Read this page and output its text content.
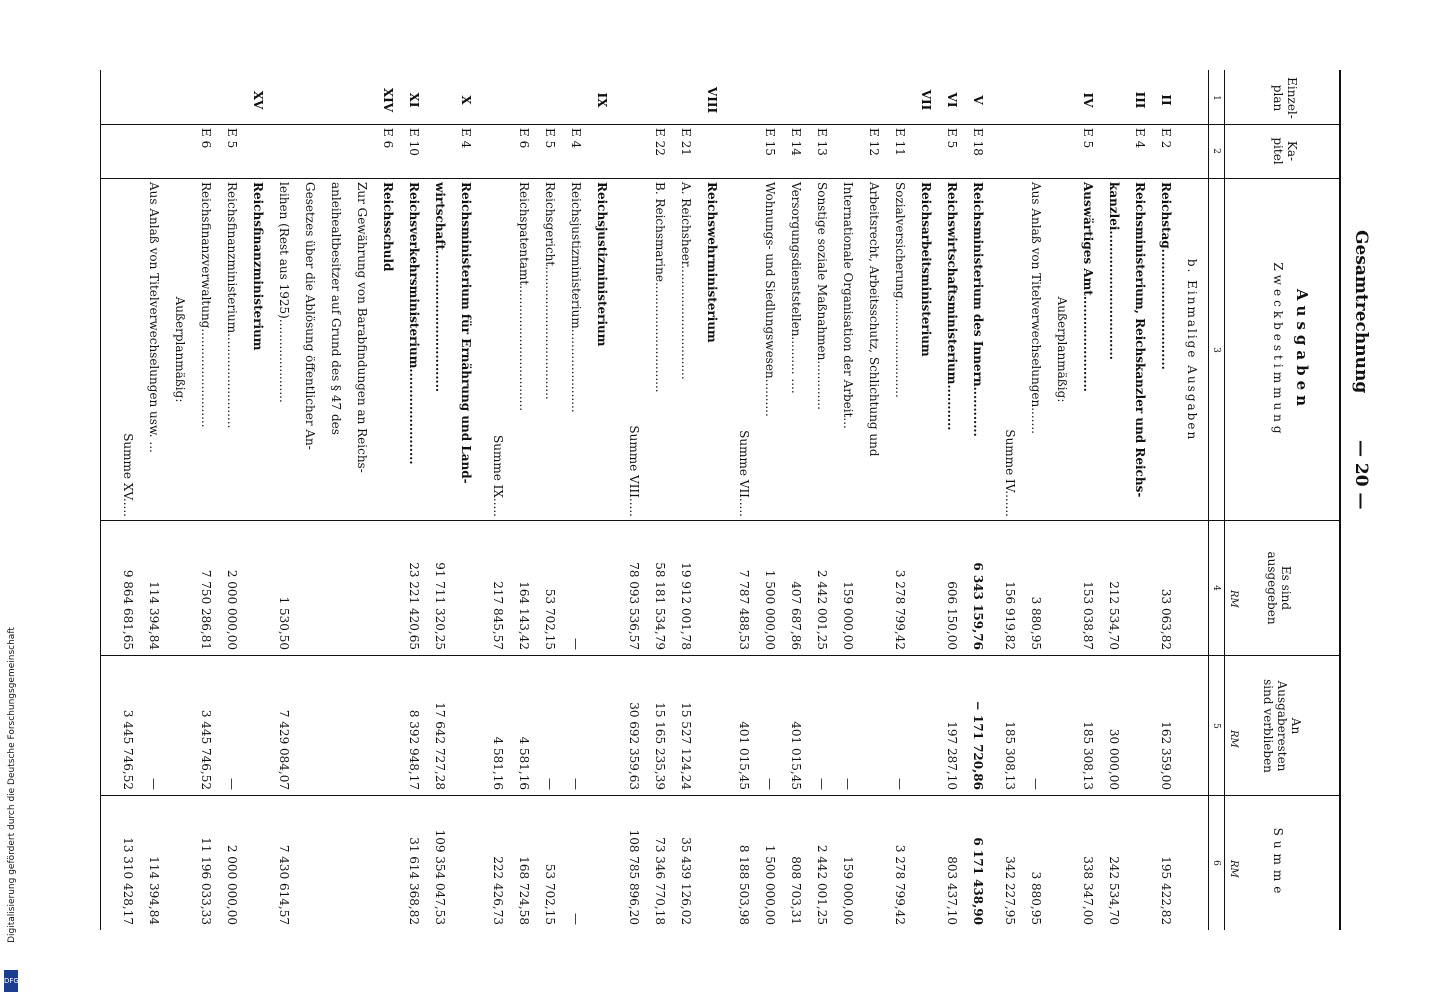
Gesamtrechnung
— 20 —
Einzel-
plan
Ka-
pitel
Ausgaben
Zweckbestimmung
Es sind
ausgegeben
An
Ausgaberesten
sind verblieben
Summe
RM
RM
RM
1
2
3
4
5
6
b. Einmalige Ausgaben
II
E 2
Reichstag.............................
33 063,82
162 359,00
195 422,82
III
E 4
Reichsministerium, Reichskanzler und Reichs-
kanzlei...............................
212 534,70
30 000,00
242 534,70
IV
E 5
Auswärtiges Amt.......................
153 038,87
185 308,13
338 347,00
Außerplanmäßig:
Aus Anlaß von Titelverwechselungen.......
3 880,95
—
3 880,95
Summe IV.......
156 919,82
185 308,13
342 227,95
V
E 18
Reichsministerium des Innern............
6 343 159,76
− 171 720,86
6 171 438,90
VI
E 5
Reichswirtschaftsministerium...........
606 150,00
197 287,10
803 437,10
VII
Reichsarbeitsministerium
E 11
Sozialversicherung..........................
3 278 799,42
—
3 278 799,42
E 12
Arbeitsrecht, Arbeitsschutz, Schlichtung und
Internationale Organisation der Arbeit...
159 000,00
—
159 000,00
E 13
Sonstige soziale Maßnahmen.............
2 442 001,25
—
2 442 001,25
E 14
Versorgungsdienststellen.......... ....
407 687,86
401 015,45
808 703,31
E 15
Wohnungs- und Siedlungswesen..........
1 500 000,00
—
1 500 000,00
Summe VII.....
7 787 488,53
401 015,45
8 188 503,98
VIII
Reichswehrministerium
E 21
A. Reichsheer..............................
19 912 001,78
15 527 124,24
35 439 126,02
E 22
B. Reichsmarine.............................
58 181 534,79
15 165 235,39
73 346 770,18
Summe VIII.....
78 093 536,57
30 692 359,63
108 785 896,20
IX
Reichsjustizministerium
E 4
Reichsjustizministerium......................
—
—
—
E 5
Reichsgericht...................................
53 702,15
—
53 702,15
E 6
Reichspatentamt.................................
164 143,42
4 581,16
168 724,58
Summe IX.....
217 845,57
4 581,16
222 426,73
X
E 4
Reichsministerium für Ernährung und Land-
wirtschaft..................................
91 711 320,25
17 642 727,28
109 354 047,53
XI
E 10
Reichsverkehrsministerium.......................
23 221 420,65
8 392 948,17
31 614 368,82
XIV
E 6
Reichsschuld
Zur Gewährung von Barabfindungen an Reichs-
anleihealtbesitzer auf Grund des § 47 des
Gesetzes über die Ablösung öffentlicher An-
leihen (Rest aus 1925)......................
1 530,50
7 429 084,07
7 430 614,57
XV
Reichsfinanzministerium
E 5
Reichsfinanzministerium.........................
2 000 000,00
—
2 000 000,00
E 6
Reichsfinanzverwaltung..........................
7 750 286,81
3 445 746,52
11 196 033,33
Außerplanmäßig:
Aus Anlaß von Titelverwechselungen usw. ...
114 394,84
—
114 394,84
Summe XV.....
9 864 681,65
3 445 746,52
13 310 428,17
Digitalisierung gefördert durch die Deutsche Forschungsgemeinschaft
DFG
